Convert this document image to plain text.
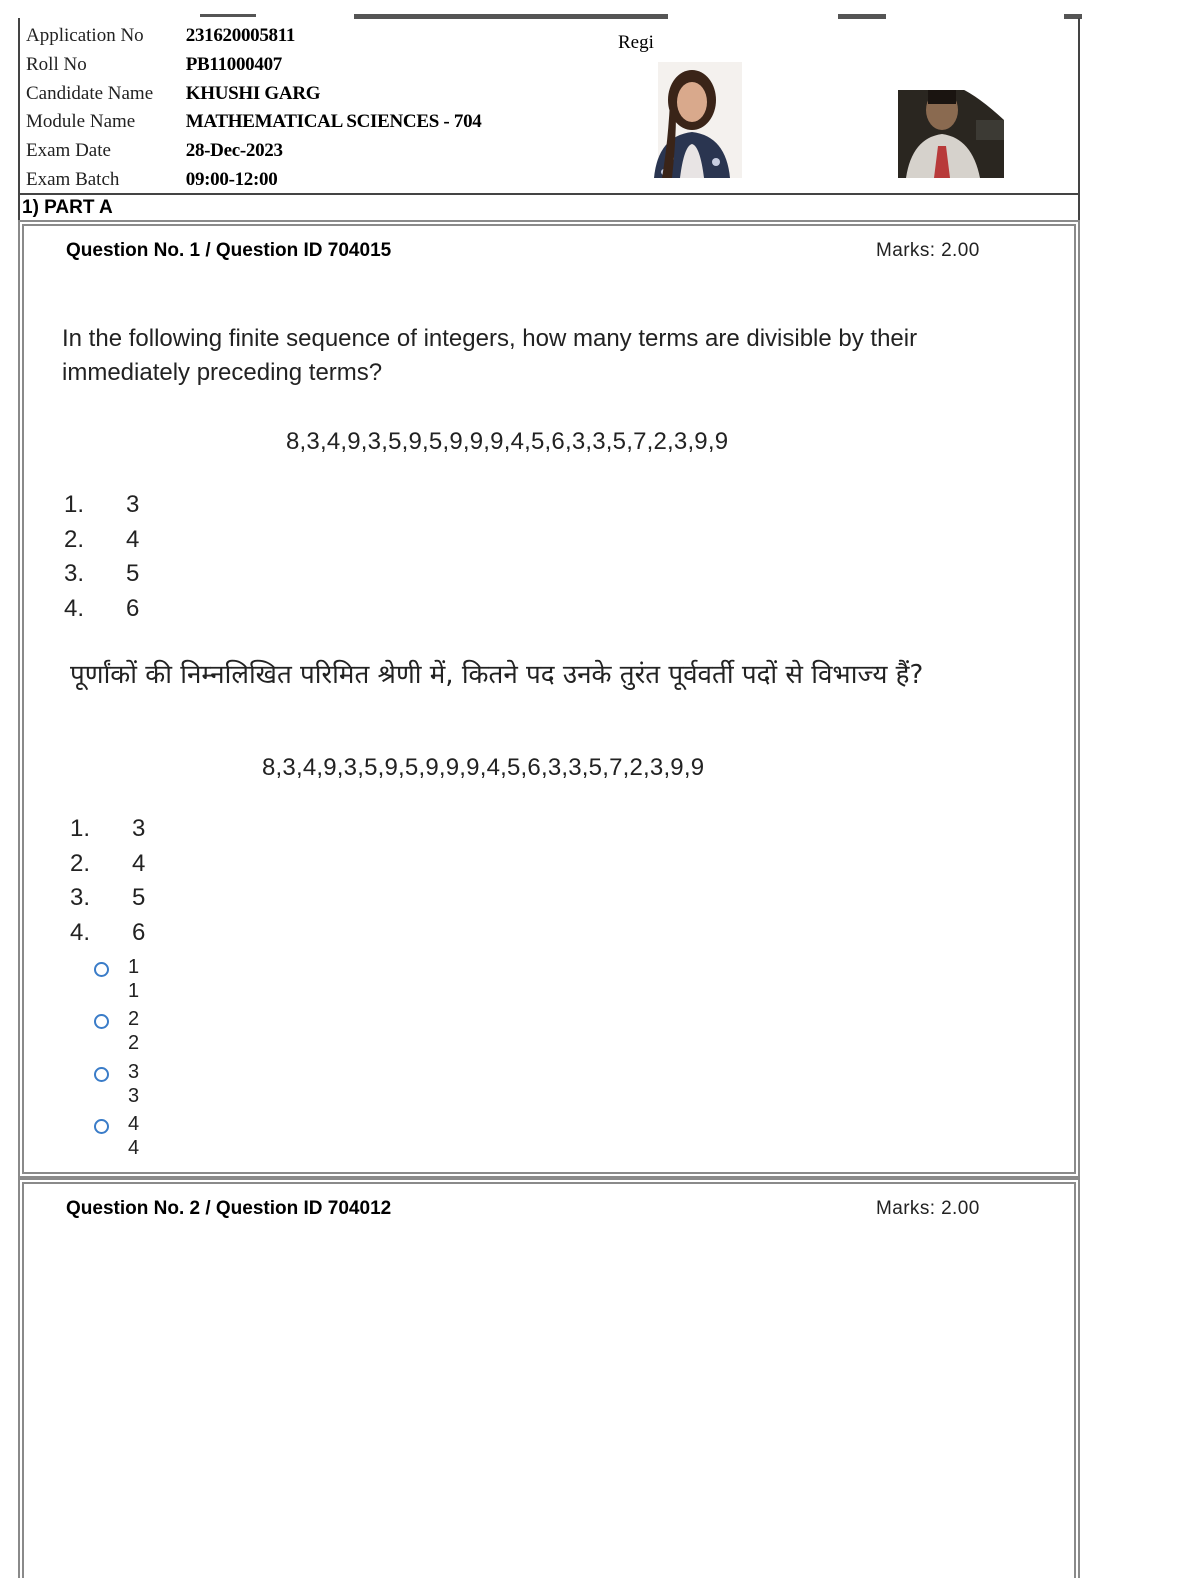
Application No 231620005811
Roll No	PB11000407
Candidate Name KHUSHI GARG
Module Name	MATHEMATICAL SCIENCES - 704
Exam Date	28-Dec-2023
Exam Batch	09:00-12:00
Regi
1) PART A
Question No. 1 / Question ID 704015	Marks: 2.00
In the following finite sequence of integers, how many terms are divisible by their immediately preceding terms?
8,3,4,9,3,5,9,5,9,9,9,4,5,6,3,3,5,7,2,3,9,9
1. 3
2. 4
3. 5
4. 6
पूर्णांकों की निम्नलिखित परिमित श्रेणी में, कितने पद उनके तुरंत पूर्ववर्ती पदों से विभाज्य हैं?
8,3,4,9,3,5,9,5,9,9,9,4,5,6,3,3,5,7,2,3,9,9
1. 3
2. 4
3. 5
4. 6
1
1
2
2
3
3
4
4
Question No. 2 / Question ID 704012	Marks: 2.00
